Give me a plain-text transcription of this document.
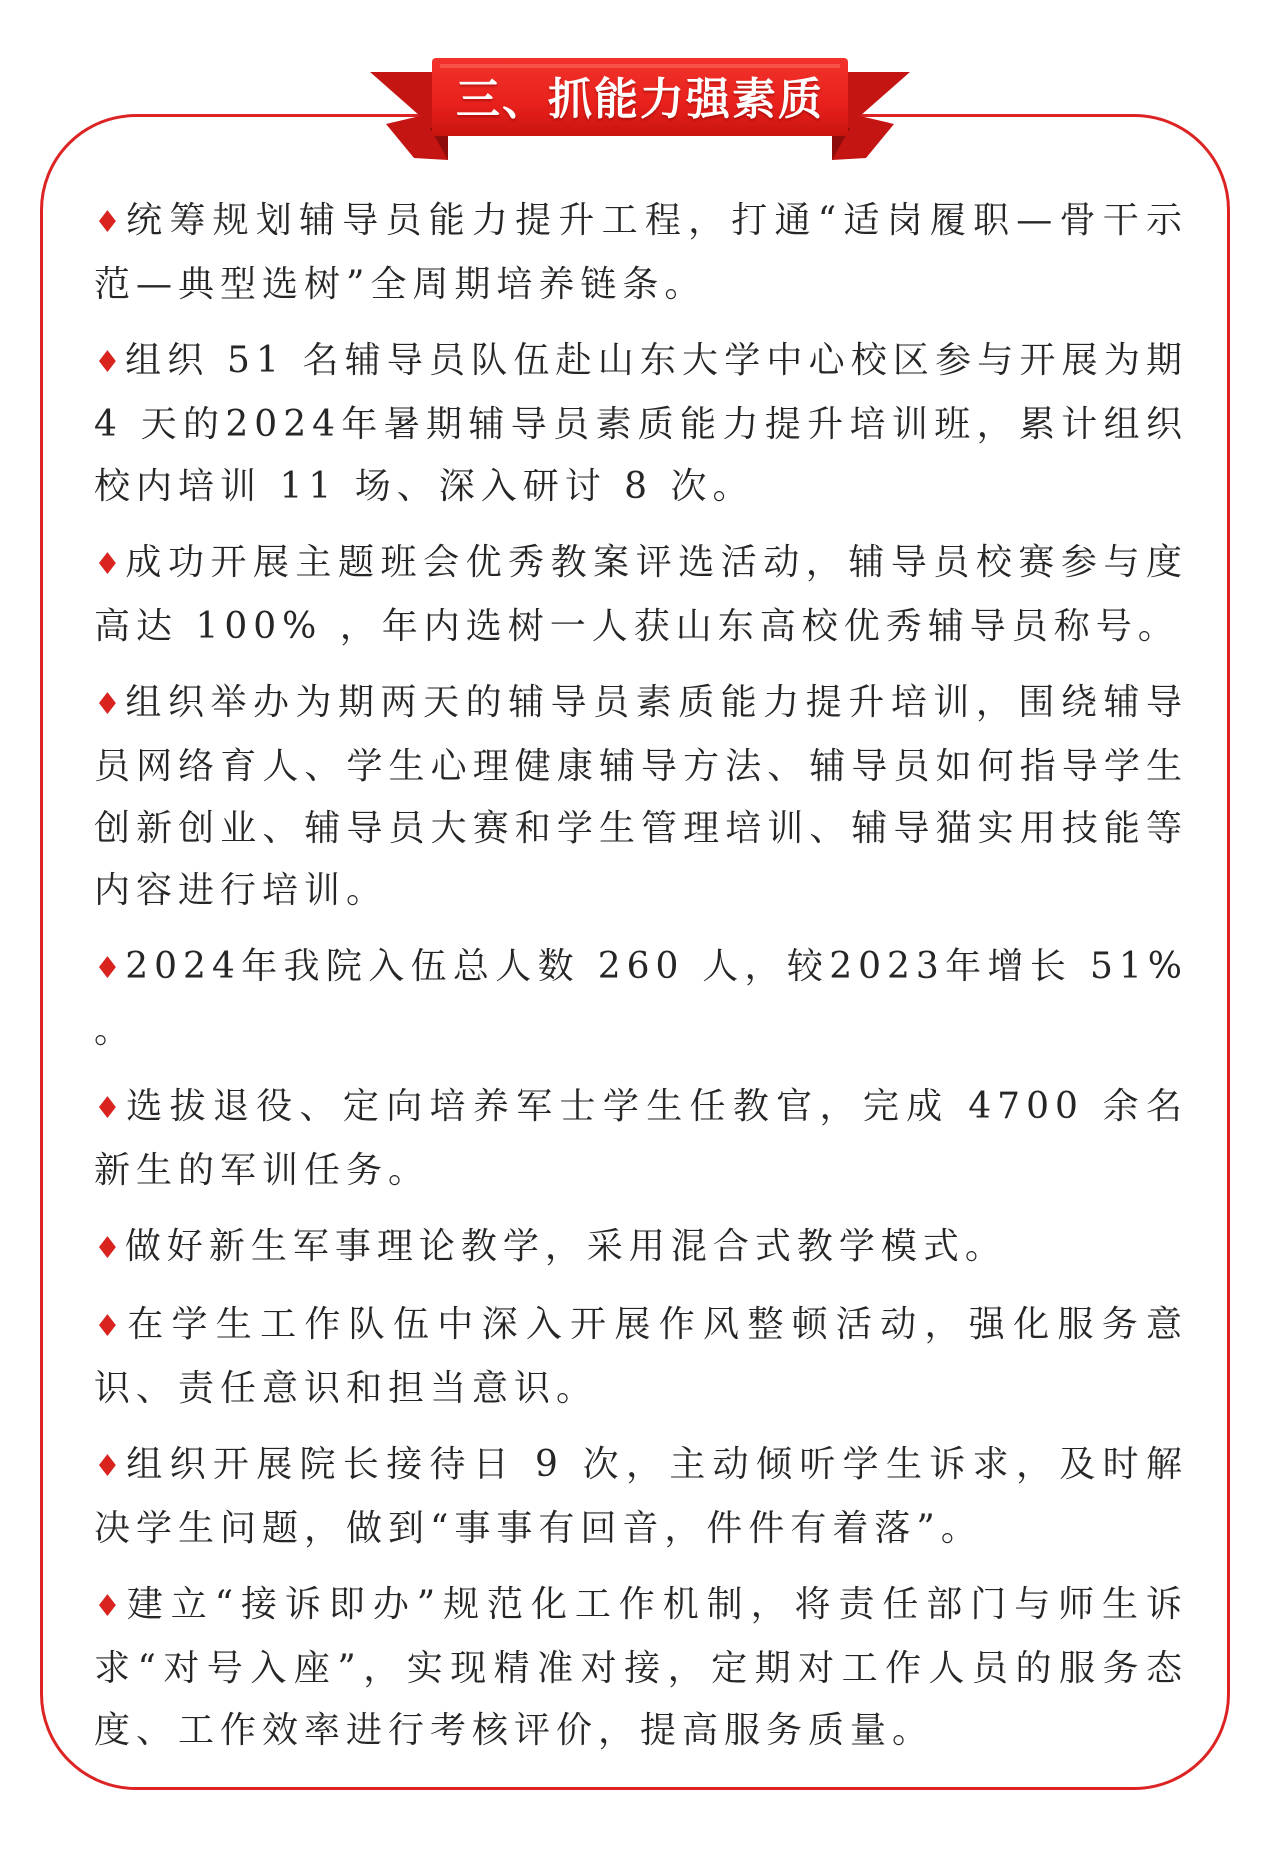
三、抓能力强素质

♦ 统筹规划辅导员能力提升工程，打通“适岗履职—骨干示范—典型选树”全周期培养链条。

♦ 组织 51 名辅导员队伍赴山东大学中心校区参与开展为期 4 天的2024年暑期辅导员素质能力提升培训班，累计组织校内培训 11 场、深入研讨 8 次。

♦ 成功开展主题班会优秀教案评选活动，辅导员校赛参与度高达 100% ，年内选树一人获山东高校优秀辅导员称号。

♦ 组织举办为期两天的辅导员素质能力提升培训，围绕辅导员网络育人、学生心理健康辅导方法、辅导员如何指导学生创新创业、辅导员大赛和学生管理培训、辅导猫实用技能等内容进行培训。

♦ 2024年我院入伍总人数 260 人，较2023年增长 51% 。

♦ 选拔退役、定向培养军士学生任教官，完成 4700 余名新生的军训任务。

♦ 做好新生军事理论教学，采用混合式教学模式。

♦ 在学生工作队伍中深入开展作风整顿活动，强化服务意识、责任意识和担当意识。

♦ 组织开展院长接待日 9 次，主动倾听学生诉求，及时解决学生问题，做到“事事有回音，件件有着落”。

♦ 建立“接诉即办”规范化工作机制，将责任部门与师生诉求“对号入座”，实现精准对接，定期对工作人员的服务态度、工作效率进行考核评价，提高服务质量。
